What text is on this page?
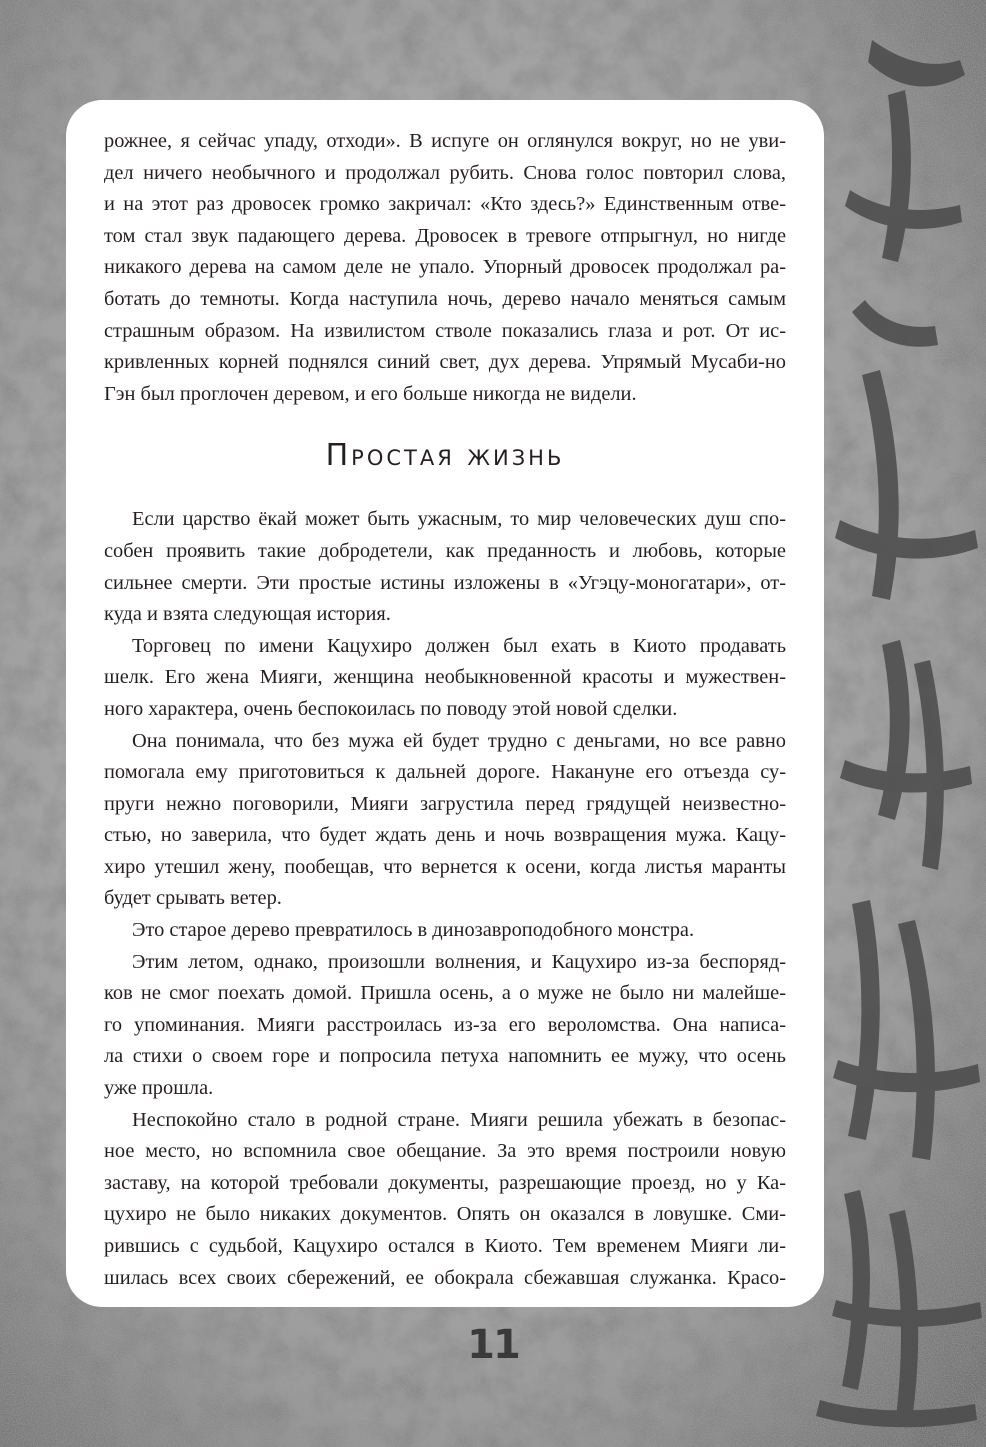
рожнее, я сейчас упаду, отходи». В испуге он оглянулся вокруг, но не уви-

дел ничего необычного и продолжал рубить. Снова голос повторил слова,

и на этот раз дровосек громко закричал: «Кто здесь?» Единственным отве-

том стал звук падающего дерева. Дровосек в тревоге отпрыгнул, но нигде

никакого дерева на самом деле не упало. Упорный дровосек продолжал ра-

ботать до темноты. Когда наступила ночь, дерево начало меняться самым

страшным образом. На извилистом стволе показались глаза и рот. От ис-

кривленных корней поднялся синий свет, дух дерева. Упрямый Мусаби-но

Гэн был проглочен деревом, и его больше никогда не видели.

Простая жизнь

Если царство ёкай может быть ужасным, то мир человеческих душ спо-

собен проявить такие добродетели, как преданность и любовь, которые

сильнее смерти. Эти простые истины изложены в «Угэцу-моногатари», от-

куда и взята следующая история.

Торговец по имени Кацухиро должен был ехать в Киото продавать

шелк. Его жена Мияги, женщина необыкновенной красоты и мужествен-

ного характера, очень беспокоилась по поводу этой новой сделки.

Она понимала, что без мужа ей будет трудно с деньгами, но все равно

помогала ему приготовиться к дальней дороге. Накануне его отъезда су-

пруги нежно поговорили, Мияги загрустила перед грядущей неизвестно-

стью, но заверила, что будет ждать день и ночь возвращения мужа. Кацу-

хиро утешил жену, пообещав, что вернется к осени, когда листья маранты

будет срывать ветер.

Это старое дерево превратилось в динозавроподобного монстра.

Этим летом, однако, произошли волнения, и Кацухиро из-за беспоряд-

ков не смог поехать домой. Пришла осень, а о муже не было ни малейше-

го упоминания. Мияги расстроилась из-за его вероломства. Она написа-

ла стихи о своем горе и попросила петуха напомнить ее мужу, что осень

уже прошла.

Неспокойно стало в родной стране. Мияги решила убежать в безопас-

ное место, но вспомнила свое обещание. За это время построили новую

заставу, на которой требовали документы, разрешающие проезд, но у Ка-

цухиро не было никаких документов. Опять он оказался в ловушке. Сми-

рившись с судьбой, Кацухиро остался в Киото. Тем временем Мияги ли-

шилась всех своих сбережений, ее обокрала сбежавшая служанка. Красо-

11
